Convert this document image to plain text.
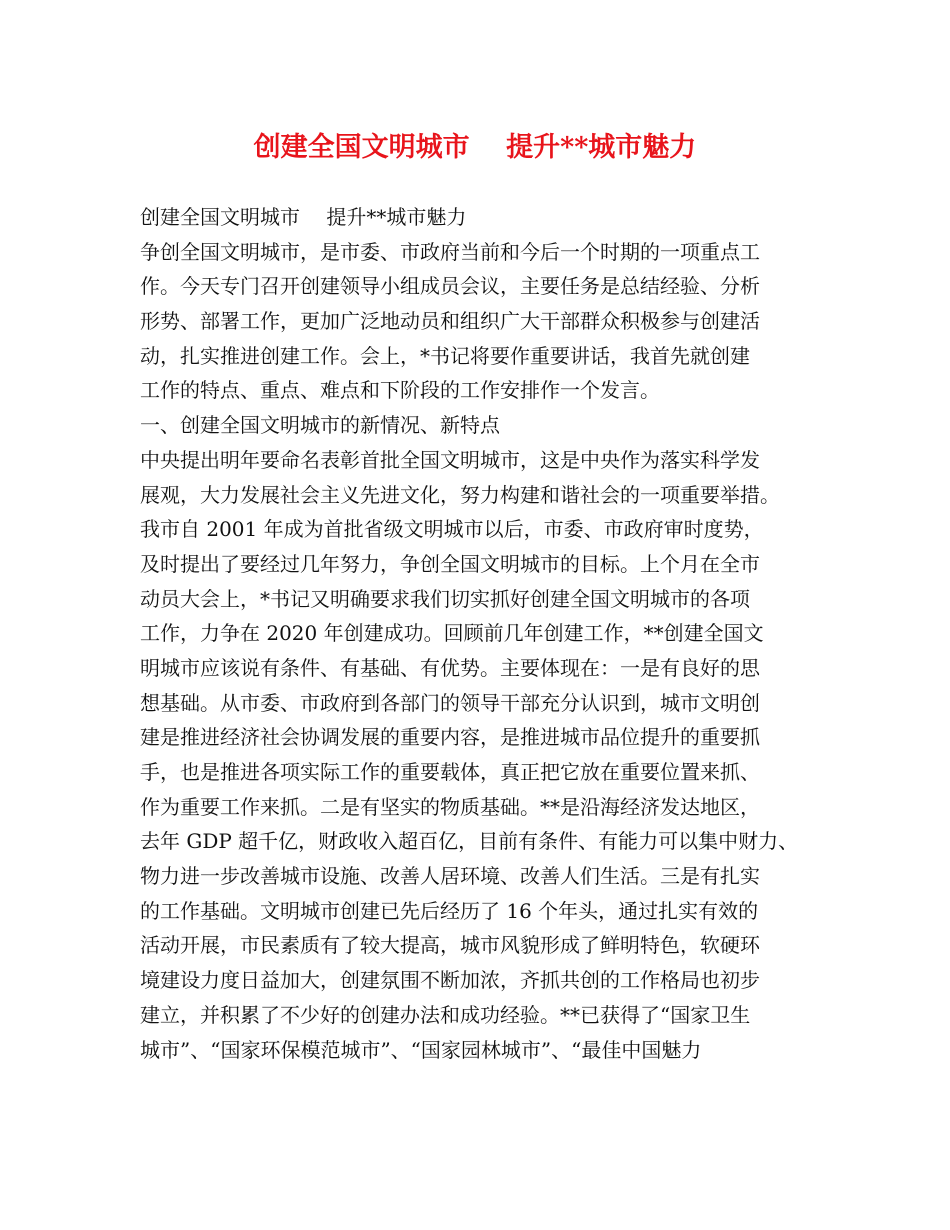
创建全国文明城市　 提升**城市魅力
创建全国文明城市　 提升**城市魅力
争创全国文明城市，是市委、市政府当前和今后一个时期的一项重点工
作。今天专门召开创建领导小组成员会议，主要任务是总结经验、分析
形势、部署工作，更加广泛地动员和组织广大干部群众积极参与创建活
动，扎实推进创建工作。会上，*书记将要作重要讲话，我首先就创建
工作的特点、重点、难点和下阶段的工作安排作一个发言。
一、创建全国文明城市的新情况、新特点
中央提出明年要命名表彰首批全国文明城市，这是中央作为落实科学发
展观，大力发展社会主义先进文化，努力构建和谐社会的一项重要举措。
我市自 2001 年成为首批省级文明城市以后，市委、市政府审时度势，
及时提出了要经过几年努力，争创全国文明城市的目标。上个月在全市
动员大会上，*书记又明确要求我们切实抓好创建全国文明城市的各项
工作，力争在 2020 年创建成功。回顾前几年创建工作，**创建全国文
明城市应该说有条件、有基础、有优势。主要体现在：一是有良好的思
想基础。从市委、市政府到各部门的领导干部充分认识到，城市文明创
建是推进经济社会协调发展的重要内容，是推进城市品位提升的重要抓
手，也是推进各项实际工作的重要载体，真正把它放在重要位置来抓、
作为重要工作来抓。二是有坚实的物质基础。**是沿海经济发达地区，
去年 GDP 超千亿，财政收入超百亿，目前有条件、有能力可以集中财力、
物力进一步改善城市设施、改善人居环境、改善人们生活。三是有扎实
的工作基础。文明城市创建已先后经历了 16 个年头，通过扎实有效的
活动开展，市民素质有了较大提高，城市风貌形成了鲜明特色，软硬环
境建设力度日益加大，创建氛围不断加浓，齐抓共创的工作格局也初步
建立，并积累了不少好的创建办法和成功经验。**已获得了“国家卫生
城市”、“国家环保模范城市”、“国家园林城市”、“最佳中国魅力
